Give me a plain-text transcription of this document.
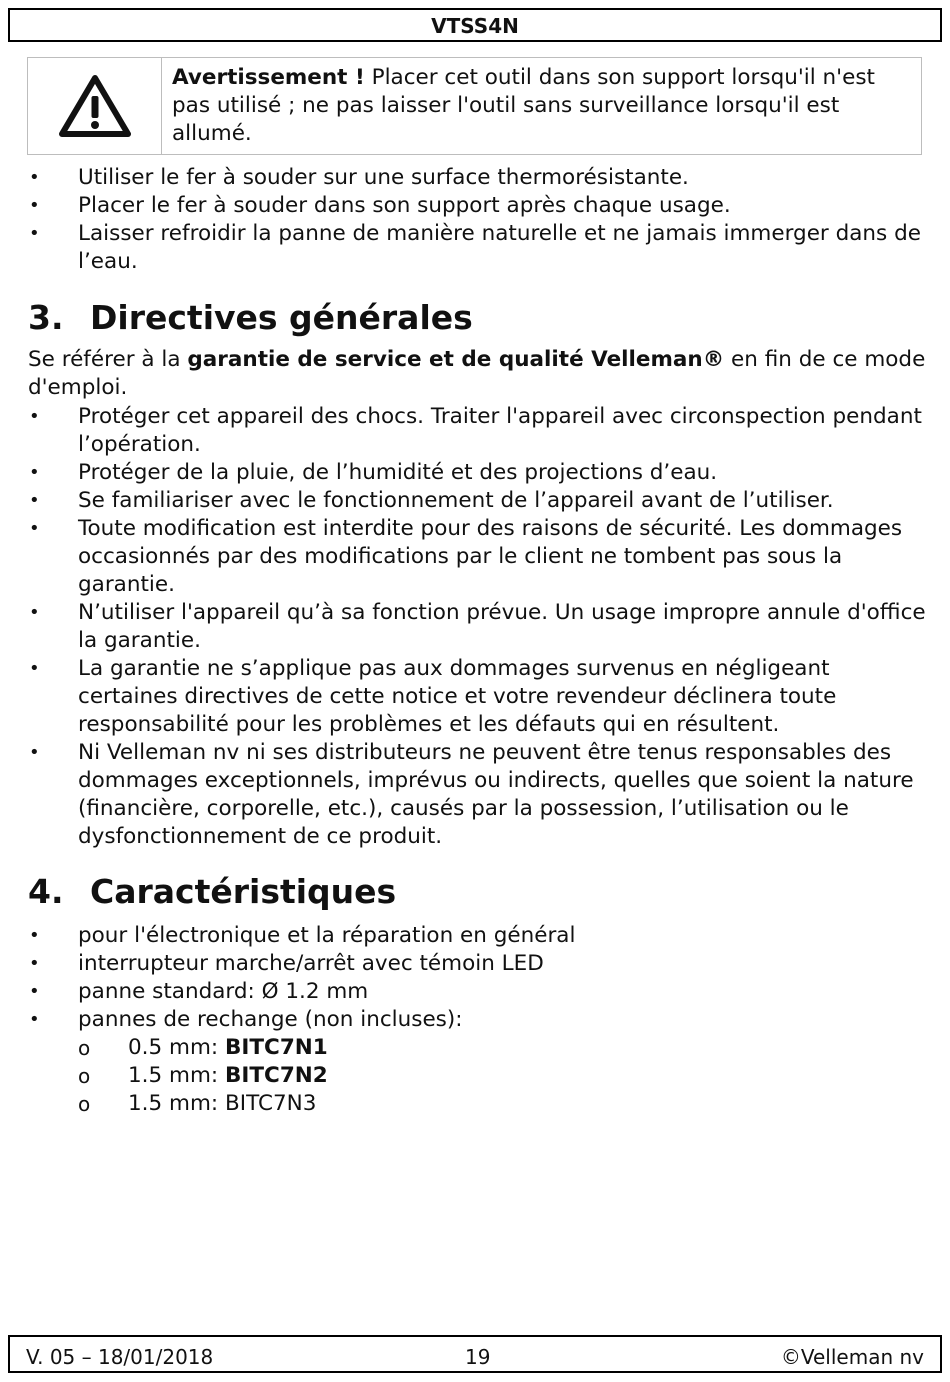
VTSS4N
Avertissement ! Placer cet outil dans son support lorsqu'il n'est pas utilisé ; ne pas laisser l'outil sans surveillance lorsqu'il est allumé.
• Utiliser le fer à souder sur une surface thermorésistante.
• Placer le fer à souder dans son support après chaque usage.
• Laisser refroidir la panne de manière naturelle et ne jamais immerger dans de l’eau.
3. Directives générales
Se référer à la garantie de service et de qualité Velleman® en fin de ce mode d'emploi.
• Protéger cet appareil des chocs. Traiter l'appareil avec circonspection pendant l’opération.
• Protéger de la pluie, de l’humidité et des projections d’eau.
• Se familiariser avec le fonctionnement de l’appareil avant de l’utiliser.
• Toute modification est interdite pour des raisons de sécurité. Les dommages occasionnés par des modifications par le client ne tombent pas sous la garantie.
• N’utiliser l'appareil qu’à sa fonction prévue. Un usage impropre annule d'office la garantie.
• La garantie ne s’applique pas aux dommages survenus en négligeant certaines directives de cette notice et votre revendeur déclinera toute responsabilité pour les problèmes et les défauts qui en résultent.
• Ni Velleman nv ni ses distributeurs ne peuvent être tenus responsables des dommages exceptionnels, imprévus ou indirects, quelles que soient la nature (financière, corporelle, etc.), causés par la possession, l’utilisation ou le dysfonctionnement de ce produit.
4. Caractéristiques
• pour l'électronique et la réparation en général
• interrupteur marche/arrêt avec témoin LED
• panne standard: Ø 1.2 mm
• pannes de rechange (non incluses):
o 0.5 mm: BITC7N1
o 1.5 mm: BITC7N2
o 1.5 mm: BITC7N3
V. 05 – 18/01/2018	19	©Velleman nv
